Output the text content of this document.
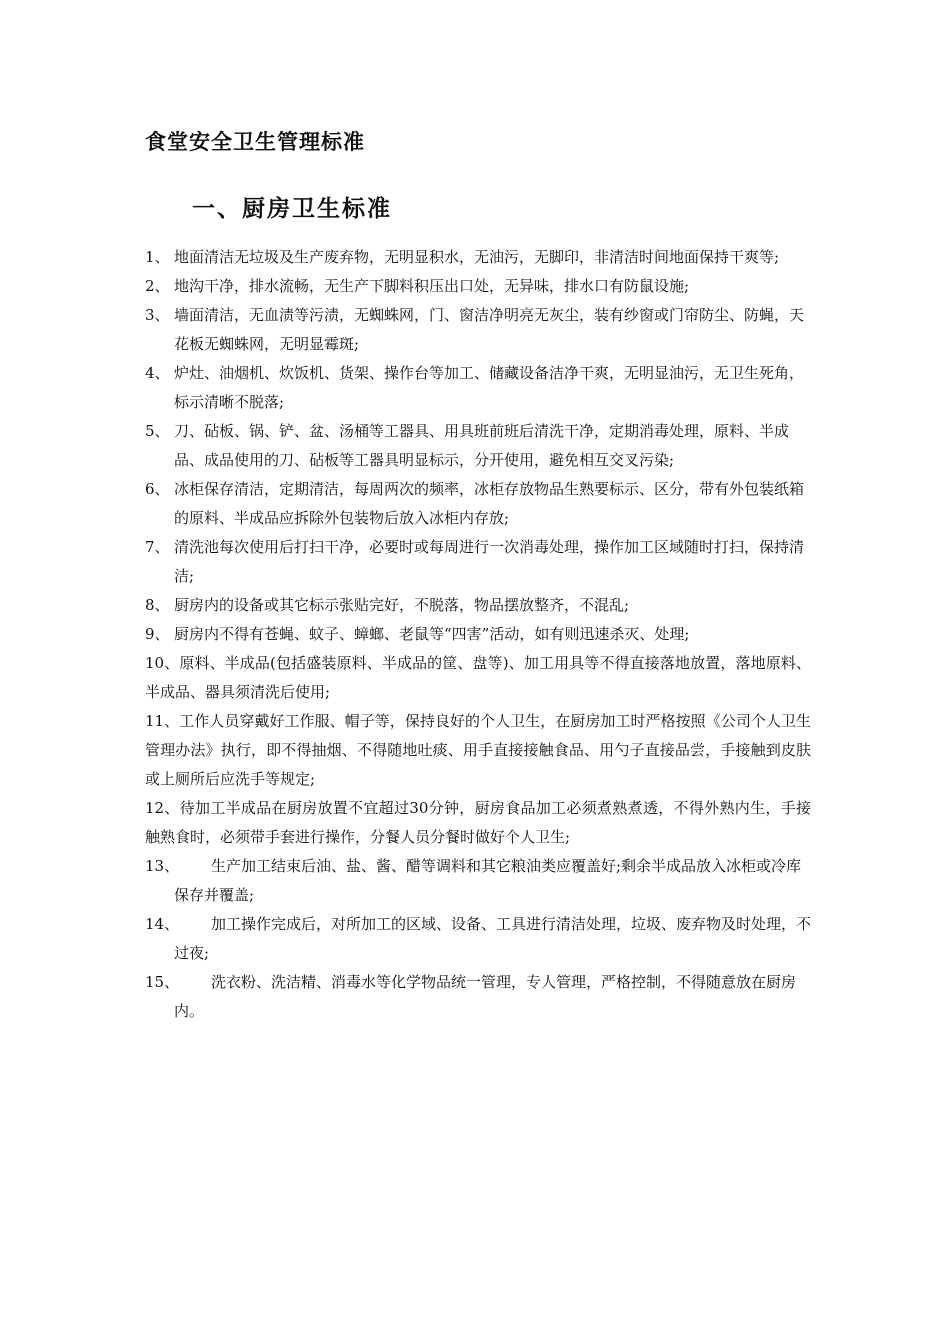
食堂安全卫生管理标准
一、厨房卫生标准
1、 地面清洁无垃圾及生产废弃物，无明显积水，无油污，无脚印，非清洁时间地面保持干爽等;
2、 地沟干净，排水流畅，无生产下脚料积压出口处，无异味，排水口有防鼠设施;
3、 墙面清洁，无血渍等污渍，无蜘蛛网，门、窗洁净明亮无灰尘，装有纱窗或门帘防尘、防蝇，天花板无蜘蛛网，无明显霉斑;
4、 炉灶、油烟机、炊饭机、货架、操作台等加工、储藏设备洁净干爽，无明显油污，无卫生死角，标示清晰不脱落;
5、 刀、砧板、锅、铲、盆、汤桶等工器具、用具班前班后清洗干净，定期消毒处理，原料、半成品、成品使用的刀、砧板等工器具明显标示，分开使用，避免相互交叉污染;
6、 冰柜保存清洁，定期清洁，每周两次的频率，冰柜存放物品生熟要标示、区分，带有外包装纸箱的原料、半成品应拆除外包装物后放入冰柜内存放;
7、 清洗池每次使用后打扫干净，必要时或每周进行一次消毒处理，操作加工区域随时打扫，保持清洁;
8、 厨房内的设备或其它标示张贴完好，不脱落，物品摆放整齐，不混乱;
9、 厨房内不得有苍蝇、蚊子、蟑螂、老鼠等“四害”活动，如有则迅速杀灭、处理;
10、原料、半成品(包括盛装原料、半成品的筐、盘等)、加工用具等不得直接落地放置，落地原料、半成品、器具须清洗后使用;
11、工作人员穿戴好工作服、帽子等，保持良好的个人卫生，在厨房加工时严格按照《公司个人卫生管理办法》执行，即不得抽烟、不得随地吐痰、用手直接接触食品、用勺子直接品尝，手接触到皮肤或上厕所后应洗手等规定;
12、待加工半成品在厨房放置不宜超过30分钟，厨房食品加工必须煮熟煮透，不得外熟内生，手接触熟食时，必须带手套进行操作，分餐人员分餐时做好个人卫生;
13、 生产加工结束后油、盐、酱、醋等调料和其它粮油类应覆盖好;剩余半成品放入冰柜或冷库保存并覆盖;
14、 加工操作完成后，对所加工的区域、设备、工具进行清洁处理，垃圾、废弃物及时处理，不过夜;
15、 洗衣粉、洗洁精、消毒水等化学物品统一管理，专人管理，严格控制，不得随意放在厨房内。
